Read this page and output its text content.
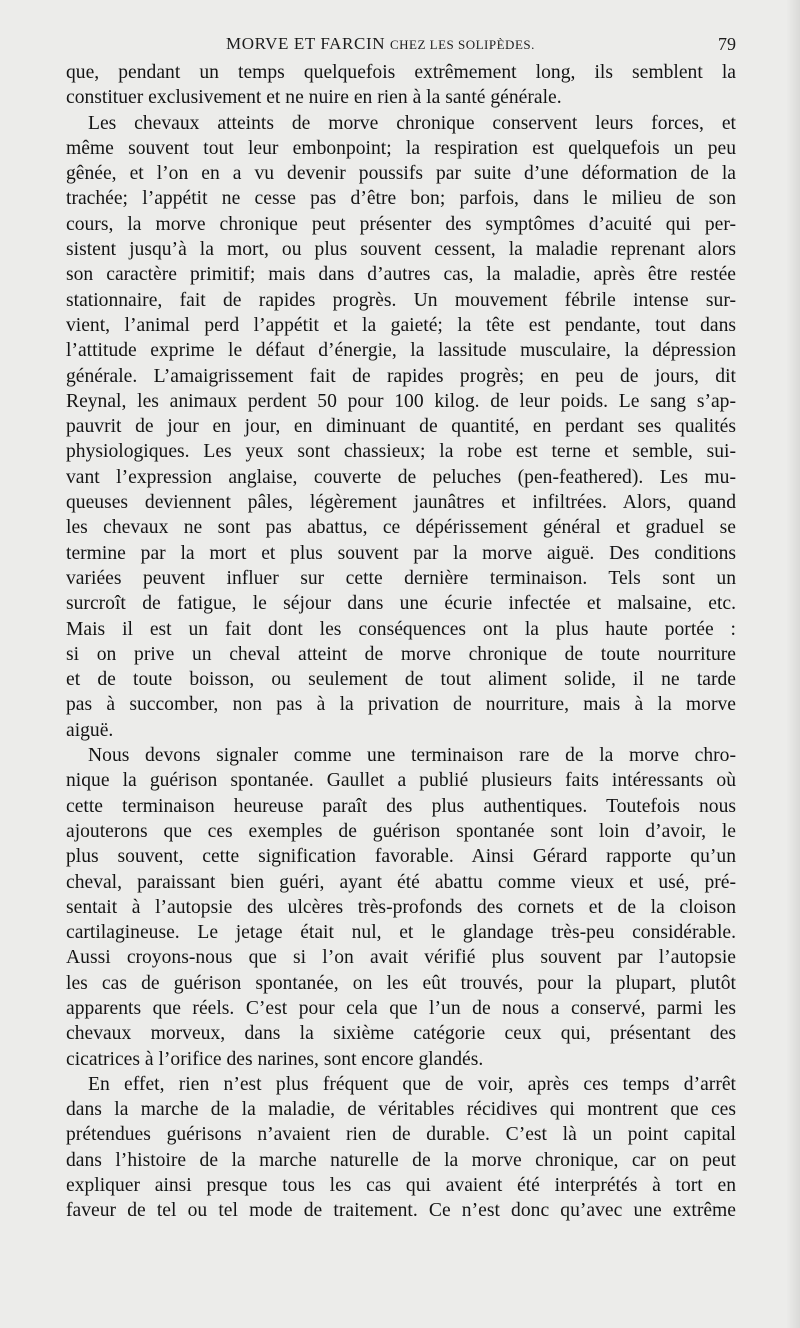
MORVE ET FARCIN CHEZ LES SOLIPÈDES.	79
que, pendant un temps quelquefois extrêmement long, ils semblent la
constituer exclusivement et ne nuire en rien à la santé générale.
Les chevaux atteints de morve chronique conservent leurs forces, et
même souvent tout leur embonpoint; la respiration est quelquefois un peu
gênée, et l’on en a vu devenir poussifs par suite d’une déformation de la
trachée; l’appétit ne cesse pas d’être bon; parfois, dans le milieu de son
cours, la morve chronique peut présenter des symptômes d’acuité qui per-
sistent jusqu’à la mort, ou plus souvent cessent, la maladie reprenant alors
son caractère primitif; mais dans d’autres cas, la maladie, après être restée
stationnaire, fait de rapides progrès. Un mouvement fébrile intense sur-
vient, l’animal perd l’appétit et la gaieté; la tête est pendante, tout dans
l’attitude exprime le défaut d’énergie, la lassitude musculaire, la dépression
générale. L’amaigrissement fait de rapides progrès; en peu de jours, dit
Reynal, les animaux perdent 50 pour 100 kilog. de leur poids. Le sang s’ap-
pauvrit de jour en jour, en diminuant de quantité, en perdant ses qualités
physiologiques. Les yeux sont chassieux; la robe est terne et semble, sui-
vant l’expression anglaise, couverte de peluches (pen-feathered). Les mu-
queuses deviennent pâles, légèrement jaunâtres et infiltrées. Alors, quand
les chevaux ne sont pas abattus, ce dépérissement général et graduel se
termine par la mort et plus souvent par la morve aiguë. Des conditions
variées peuvent influer sur cette dernière terminaison. Tels sont un
surcroît de fatigue, le séjour dans une écurie infectée et malsaine, etc.
Mais il est un fait dont les conséquences ont la plus haute portée :
si on prive un cheval atteint de morve chronique de toute nourriture
et de toute boisson, ou seulement de tout aliment solide, il ne tarde
pas à succomber, non pas à la privation de nourriture, mais à la morve
aiguë.
Nous devons signaler comme une terminaison rare de la morve chro-
nique la guérison spontanée. Gaullet a publié plusieurs faits intéressants où
cette terminaison heureuse paraît des plus authentiques. Toutefois nous
ajouterons que ces exemples de guérison spontanée sont loin d’avoir, le
plus souvent, cette signification favorable. Ainsi Gérard rapporte qu’un
cheval, paraissant bien guéri, ayant été abattu comme vieux et usé, pré-
sentait à l’autopsie des ulcères très-profonds des cornets et de la cloison
cartilagineuse. Le jetage était nul, et le glandage très-peu considérable.
Aussi croyons-nous que si l’on avait vérifié plus souvent par l’autopsie
les cas de guérison spontanée, on les eût trouvés, pour la plupart, plutôt
apparents que réels. C’est pour cela que l’un de nous a conservé, parmi les
chevaux morveux, dans la sixième catégorie ceux qui, présentant des
cicatrices à l’orifice des narines, sont encore glandés.
En effet, rien n’est plus fréquent que de voir, après ces temps d’arrêt
dans la marche de la maladie, de véritables récidives qui montrent que ces
prétendues guérisons n’avaient rien de durable. C’est là un point capital
dans l’histoire de la marche naturelle de la morve chronique, car on peut
expliquer ainsi presque tous les cas qui avaient été interprétés à tort en
faveur de tel ou tel mode de traitement. Ce n’est donc qu’avec une extrême
